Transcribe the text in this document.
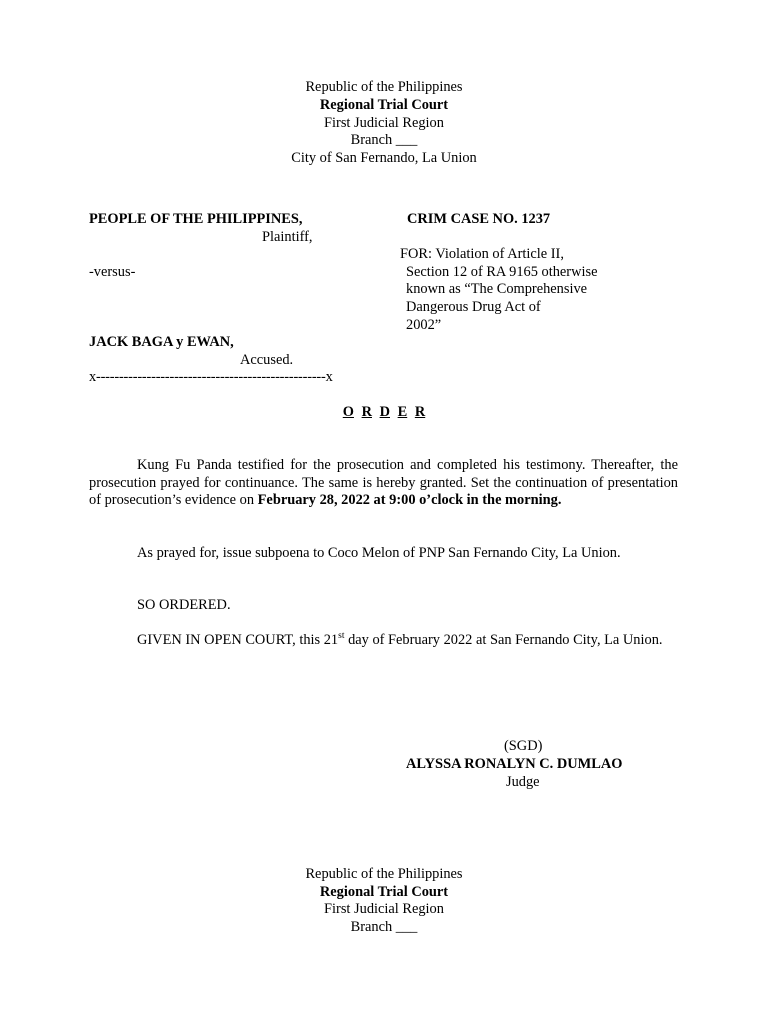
Republic of the Philippines
Regional Trial Court
First Judicial Region
Branch ___
City of San Fernando, La Union
PEOPLE OF THE PHILIPPINES,
Plaintiff,
-versus-
JACK BAGA y EWAN,
Accused.
x--------------------------------------------------x
CRIM CASE NO. 1237
FOR: Violation of Article II,
Section 12 of RA 9165 otherwise
known as “The Comprehensive
Dangerous Drug Act of
2002”
O R D E R
Kung Fu Panda testified for the prosecution and completed his testimony. Thereafter, the prosecution prayed for continuance. The same is hereby granted. Set the continuation of presentation of prosecution’s evidence on February 28, 2022 at 9:00 o’clock in the morning.
As prayed for, issue subpoena to Coco Melon of PNP San Fernando City, La Union.
SO ORDERED.
GIVEN IN OPEN COURT, this 21st day of February 2022 at San Fernando City, La Union.
(SGD)
ALYSSA RONALYN C. DUMLAO
Judge
Republic of the Philippines
Regional Trial Court
First Judicial Region
Branch ___
